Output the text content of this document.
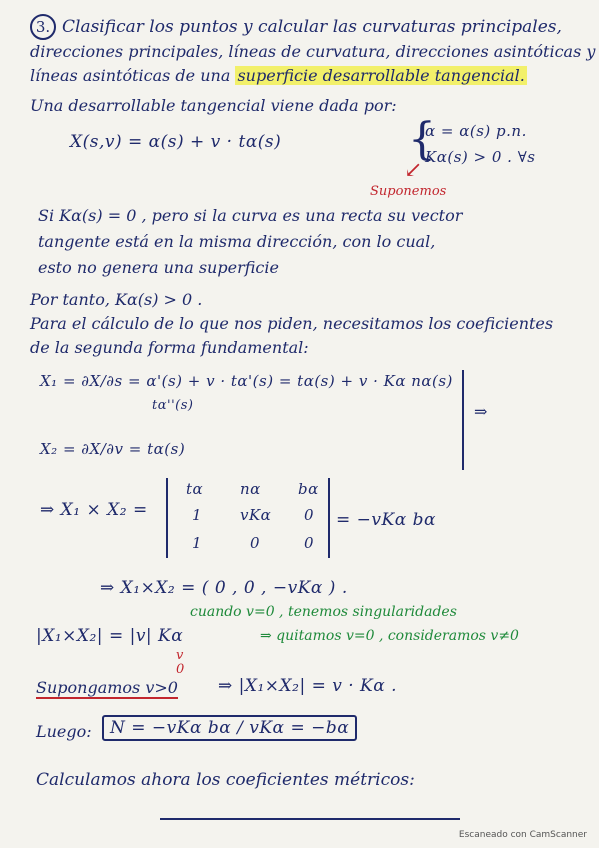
3. Clasificar los puntos y calcular las curvaturas principales,
direcciones principales, líneas de curvatura, direcciones asintóticas y
líneas asintóticas de una superficie desarrollable tangencial.
Una desarrollable tangencial viene dada por:
X(s,v) = α(s) + v · tα(s)	{
α = α(s) p.n.
Kα(s) > 0 . ∀s
↙
Suponemos
Si Kα(s) = 0 , pero si la curva es una recta su vector
tangente está en la misma dirección, con lo cual,
esto no genera una superficie
Por tanto, Kα(s) > 0 .
Para el cálculo de lo que nos piden, necesitamos los coeficientes
de la segunda forma fundamental:
X₁ = ∂X/∂s = α'(s) + v · tα'(s) = tα(s) + v · Kα nα(s)
tα''(s)
X₂ = ∂X/∂v = tα(s)
⇒
⇒ X₁ × X₂ =
tα nα bα
1	vKα 0
1	0	0
= −vKα bα
⇒ X₁×X₂ = ( 0 , 0 , −vKα ) .
cuando v=0 , tenemos singularidades
⇒ quitamos v=0 , consideramos v≠0
|X₁×X₂| = |v| Kα
v
0
Supongamos v>0 ⇒ |X₁×X₂| = v · Kα .
Luego:	N = −vKα bα / vKα = −bα
Calculamos ahora los coeficientes métricos:
Escaneado con CamScanner
